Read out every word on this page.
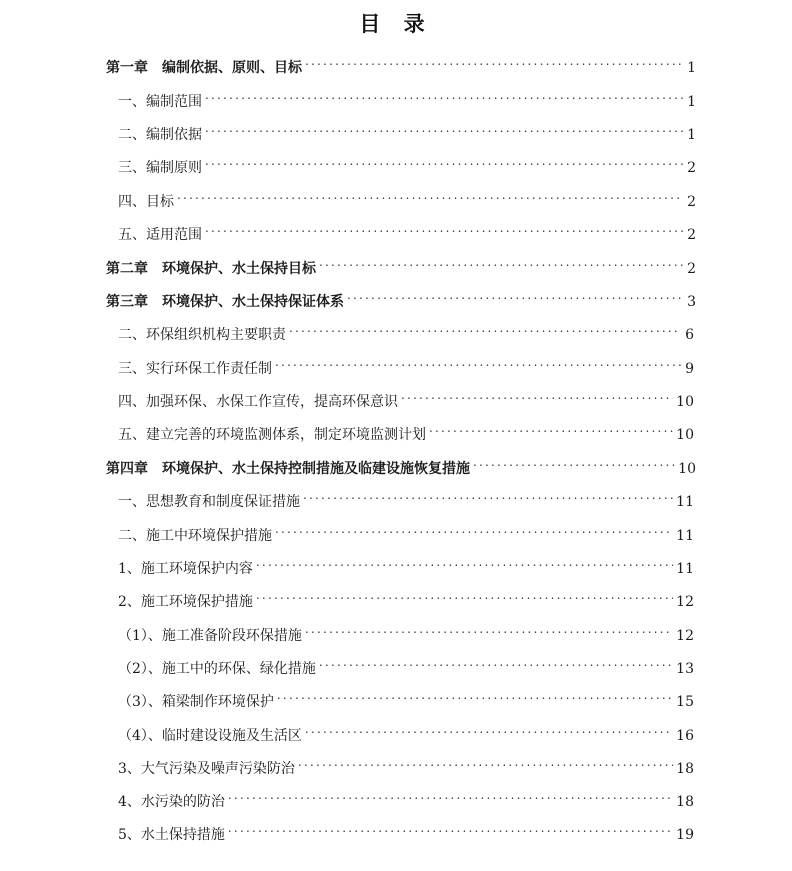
目 录
第一章　编制依据、原则、目标 .....	1
一、编制范围 .....	1
二、编制依据 .....	1
三、编制原则 .....	2
四、目标 .....	2
五、适用范围 .....	2
第二章　环境保护、水土保持目标 .....	2
第三章　环境保护、水土保持保证体系 .....	3
二、环保组织机构主要职责 .....	6
三、实行环保工作责任制 .....	9
四、加强环保、水保工作宣传，提高环保意识 .....	10
五、建立完善的环境监测体系，制定环境监测计划 .....	10
第四章　环境保护、水土保持控制措施及临建设施恢复措施 .....	10
一、思想教育和制度保证措施 .....	11
二、施工中环境保护措施 .....	11
1、施工环境保护内容 .....	11
2、施工环境保护措施 .....	12
（1）、施工准备阶段环保措施 .....	12
（2）、施工中的环保、绿化措施 .....	13
（3）、箱梁制作环境保护 .....	15
（4）、临时建设设施及生活区 .....	16
3、大气污染及噪声污染防治 .....	18
4、水污染的防治 .....	18
5、水土保持措施 .....	19
